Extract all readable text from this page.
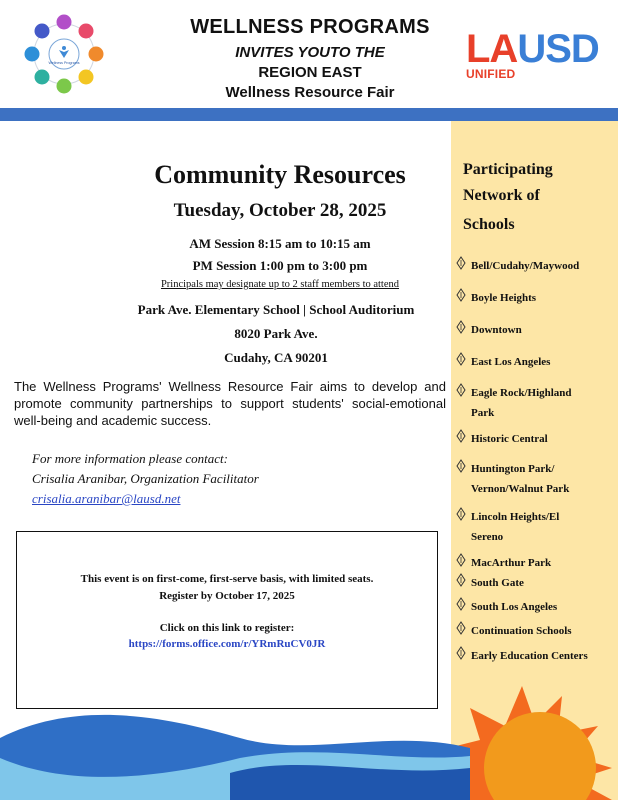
Wellness Programs
WELLNESS PROGRAMS
INVITES YOUTO THE
REGION EAST
Wellness Resource Fair
LAUSD
UNIFIED
Participating
Network of
Schools
Bell/Cudahy/Maywood
Boyle Heights
Downtown
East Los Angeles
Eagle Rock/Highland
Park
Historic Central
Huntington Park/
Vernon/Walnut Park
Lincoln Heights/El
Sereno
MacArthur Park
South Gate
South Los Angeles
Continuation Schools
Early Education Centers
Community Resources
Tuesday, October 28, 2025
AM Session 8:15 am to 10:15 am
PM Session 1:00 pm to 3:00 pm
Principals may designate up to 2 staff members to attend
Park Ave. Elementary School | School Auditorium
8020 Park Ave.
Cudahy, CA 90201
The Wellness Programs' Wellness Resource Fair aims to develop and promote community partnerships to support students' social-emotional well-being and academic success.
For more information please contact:
Crisalia Aranibar, Organization Facilitator
crisalia.aranibar@lausd.net
This event is on first-come, first-serve basis, with limited seats.
Register by October 17, 2025
Click on this link to register:
https://forms.office.com/r/YRmRuCV0JR
